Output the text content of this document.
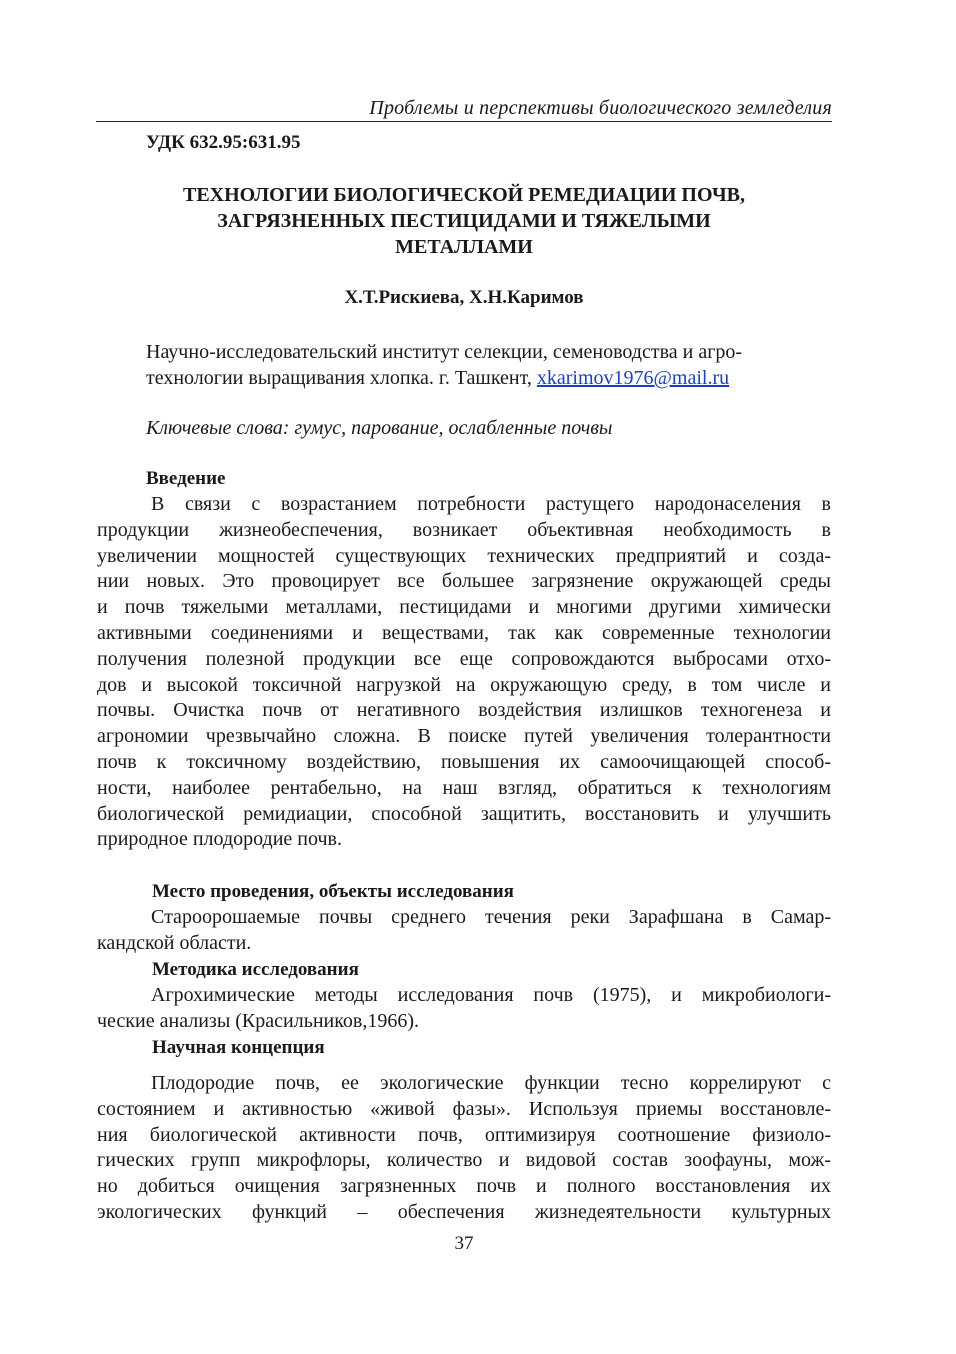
Проблемы и перспективы биологического земледелия
УДК 632.95:631.95
ТЕХНОЛОГИИ БИОЛОГИЧЕСКОЙ РЕМЕДИАЦИИ ПОЧВ,
ЗАГРЯЗНЕННЫХ ПЕСТИЦИДАМИ И ТЯЖЕЛЫМИ
МЕТАЛЛАМИ
Х.Т.Рискиева, Х.Н.Каримов
Научно-исследовательский институт селекции, семеноводства и агро-
технологии выращивания хлопка. г. Ташкент, xkarimov1976@mail.ru
Ключевые слова: гумус, парование, ослабленные почвы
Введение
В связи с возрастанием потребности растущего народонаселения в
продукции жизнеобеспечения, возникает объективная необходимость в
увеличении мощностей существующих технических предприятий и созда-
нии новых. Это провоцирует все большее загрязнение окружающей среды
и почв тяжелыми металлами, пестицидами и многими другими химически
активными соединениями и веществами, так как современные технологии
получения полезной продукции все еще сопровождаются выбросами отхо-
дов и высокой токсичной нагрузкой на окружающую среду, в том числе и
почвы. Очистка почв от негативного воздействия излишков техногенеза и
агрономии чрезвычайно сложна. В поиске путей увеличения толерантности
почв к токсичному воздействию, повышения их самоочищающей способ-
ности, наиболее рентабельно, на наш взгляд, обратиться к технологиям
биологической ремидиации, способной защитить, восстановить и улучшить
природное плодородие почв.
Место проведения, объекты исследования
Староорошаемые почвы среднего течения реки Зарафшана в Самар-
кандской области.
Методика исследования
Агрохимические методы исследования почв (1975), и микробиологи-
ческие анализы (Красильников,1966).
Научная концепция
Плодородие почв, ее экологические функции тесно коррелируют с
состоянием и активностью «живой фазы». Используя приемы восстановле-
ния биологической активности почв, оптимизируя соотношение физиоло-
гических групп микрофлоры, количество и видовой состав зоофауны, мож-
но добиться очищения загрязненных почв и полного восстановления их
экологических функций – обеспечения жизнедеятельности культурных
37
